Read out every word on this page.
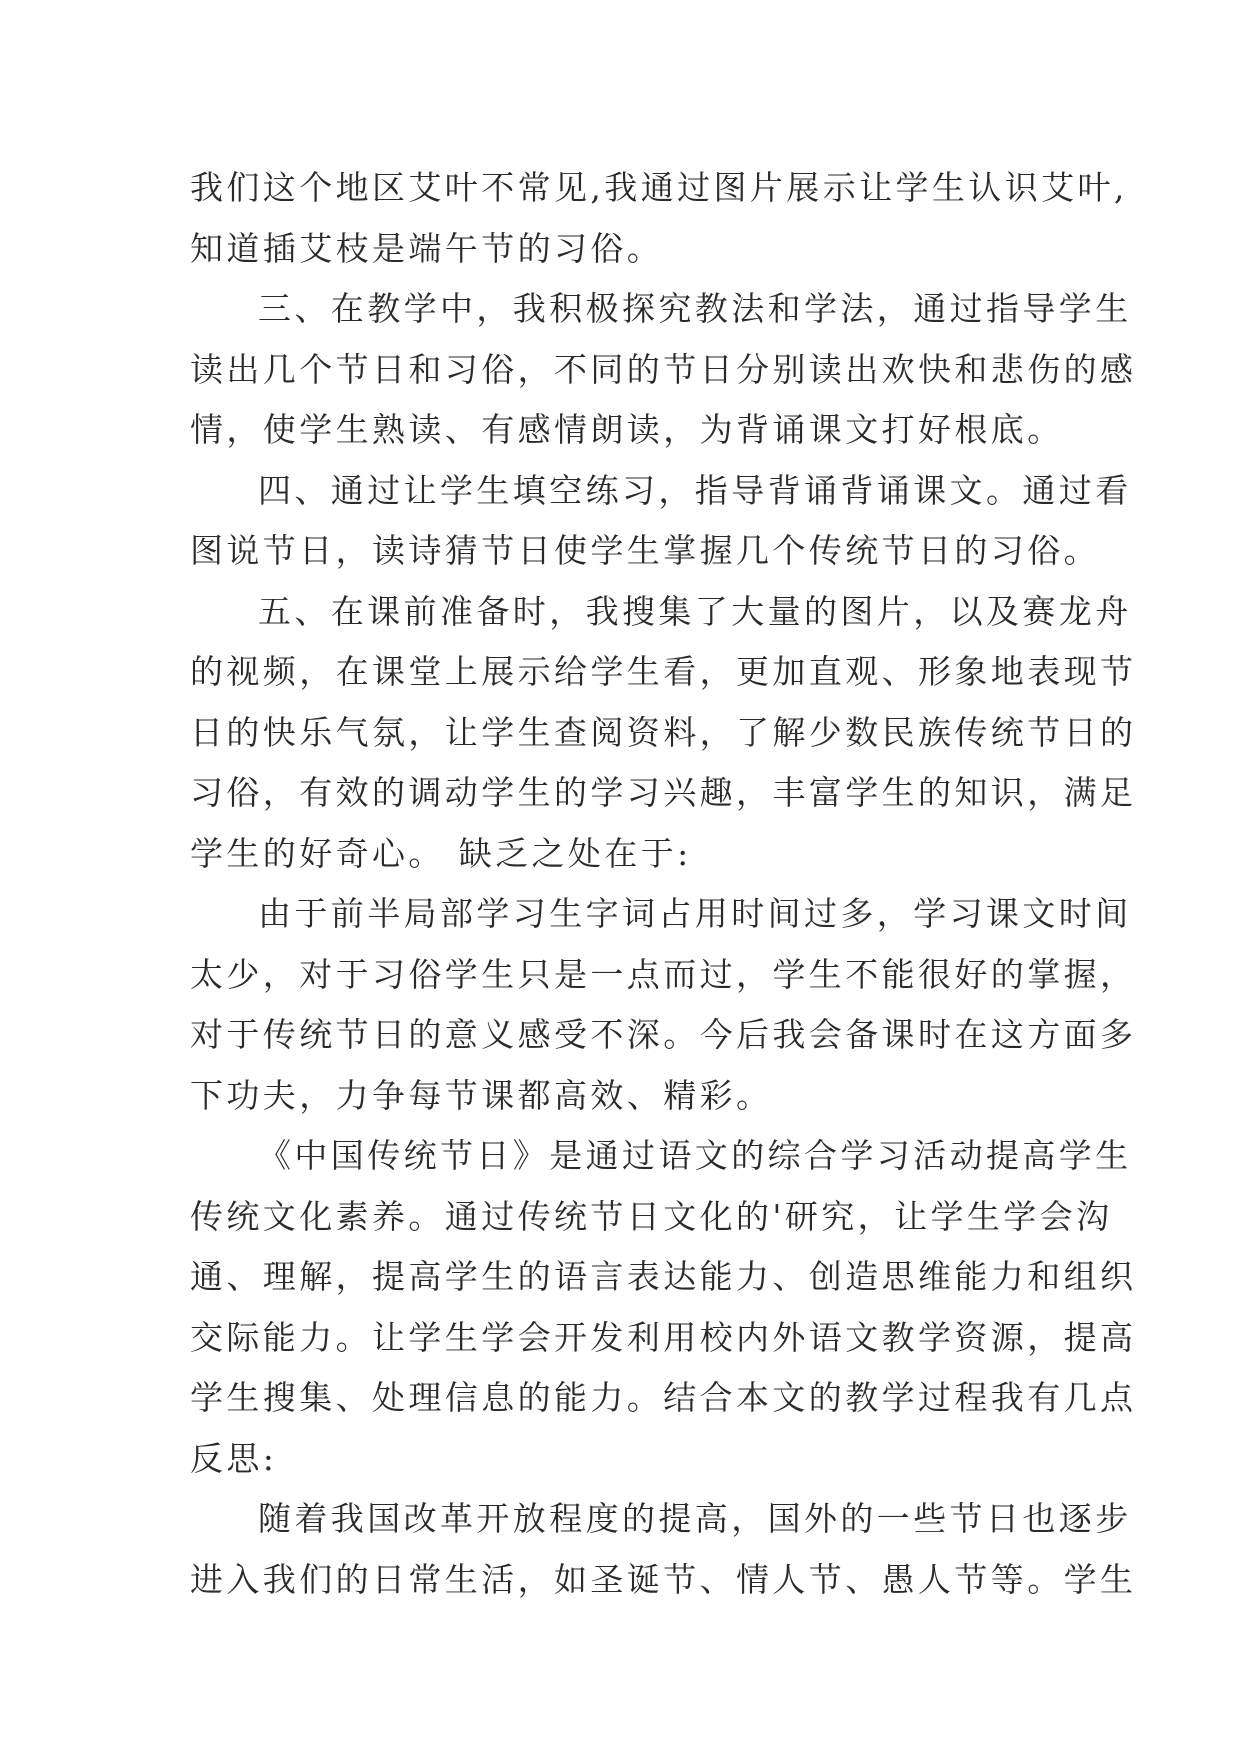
我们这个地区艾叶不常见,我通过图片展示让学生认识艾叶,
知道插艾枝是端午节的习俗。
三、在教学中，我积极探究教法和学法，通过指导学生
读出几个节日和习俗，不同的节日分别读出欢快和悲伤的感
情，使学生熟读、有感情朗读，为背诵课文打好根底。
四、通过让学生填空练习，指导背诵背诵课文。通过看
图说节日，读诗猜节日使学生掌握几个传统节日的习俗。
五、在课前准备时，我搜集了大量的图片，以及赛龙舟
的视频，在课堂上展示给学生看，更加直观、形象地表现节
日的快乐气氛，让学生查阅资料，了解少数民族传统节日的
习俗，有效的调动学生的学习兴趣，丰富学生的知识，满足
学生的好奇心。 缺乏之处在于:
由于前半局部学习生字词占用时间过多，学习课文时间
太少，对于习俗学生只是一点而过，学生不能很好的掌握，
对于传统节日的意义感受不深。今后我会备课时在这方面多
下功夫，力争每节课都高效、精彩。
《中国传统节日》是通过语文的综合学习活动提高学生
传统文化素养。通过传统节日文化的'研究，让学生学会沟
通、理解，提高学生的语言表达能力、创造思维能力和组织
交际能力。让学生学会开发利用校内外语文教学资源，提高
学生搜集、处理信息的能力。结合本文的教学过程我有几点
反思:
随着我国改革开放程度的提高，国外的一些节日也逐步
进入我们的日常生活，如圣诞节、情人节、愚人节等。学生
